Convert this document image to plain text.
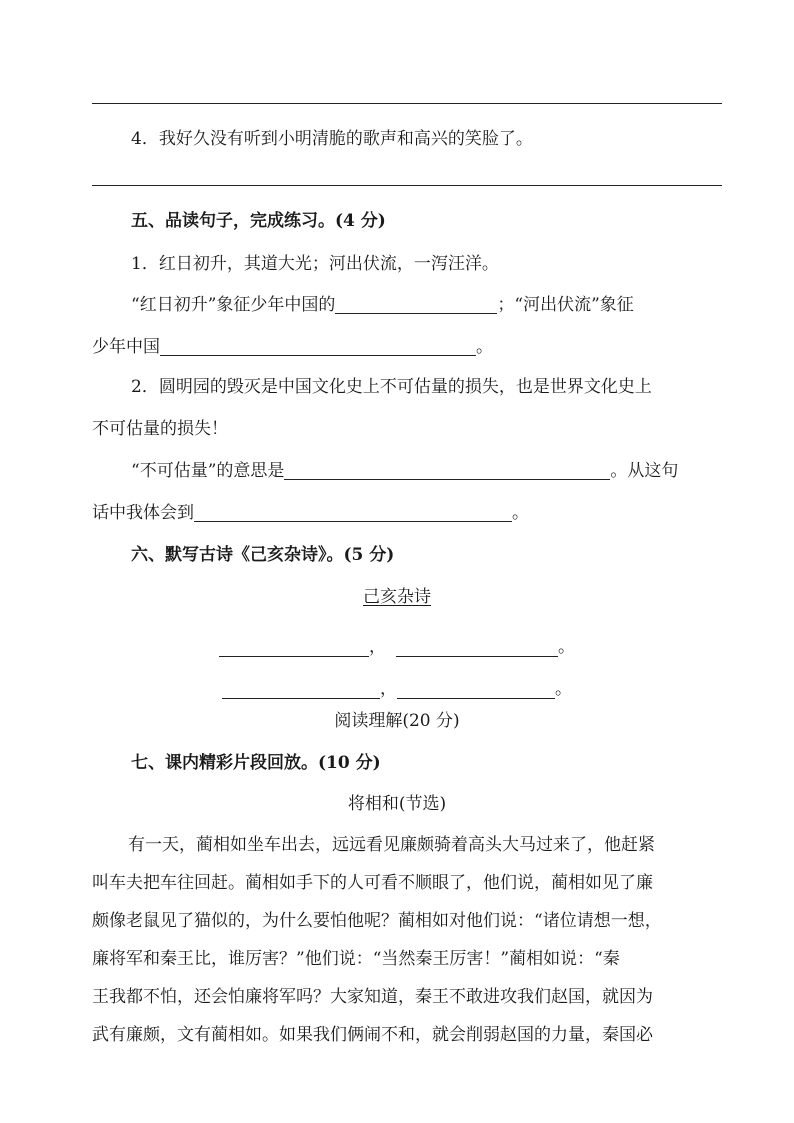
4．我好久没有听到小明清脆的歌声和高兴的笑脸了。

五、品读句子，完成练习。(4 分)

1．红日初升，其道大光；河出伏流，一泻汪洋。

“红日初升”象征少年中国的	；“河出伏流”象征

少年中国	。

2．圆明园的毁灭是中国文化史上不可估量的损失，也是世界文化史上

不可估量的损失！

“不可估量”的意思是	。从这句

话中我体会到	。

六、默写古诗《己亥杂诗》。(5 分)

己亥杂诗

，	。

，	。

阅读理解(20 分)

七、课内精彩片段回放。(10 分)

将相和(节选)

有一天，蔺相如坐车出去，远远看见廉颇骑着高头大马过来了，他赶紧

叫车夫把车往回赶。蔺相如手下的人可看不顺眼了，他们说，蔺相如见了廉

颇像老鼠见了猫似的，为什么要怕他呢？蔺相如对他们说：“诸位请想一想，

廉将军和秦王比，谁厉害？”他们说：“当然秦王厉害！”蔺相如说：“秦

王我都不怕，还会怕廉将军吗？大家知道，秦王不敢进攻我们赵国，就因为

武有廉颇，文有蔺相如。如果我们俩闹不和，就会削弱赵国的力量，秦国必
